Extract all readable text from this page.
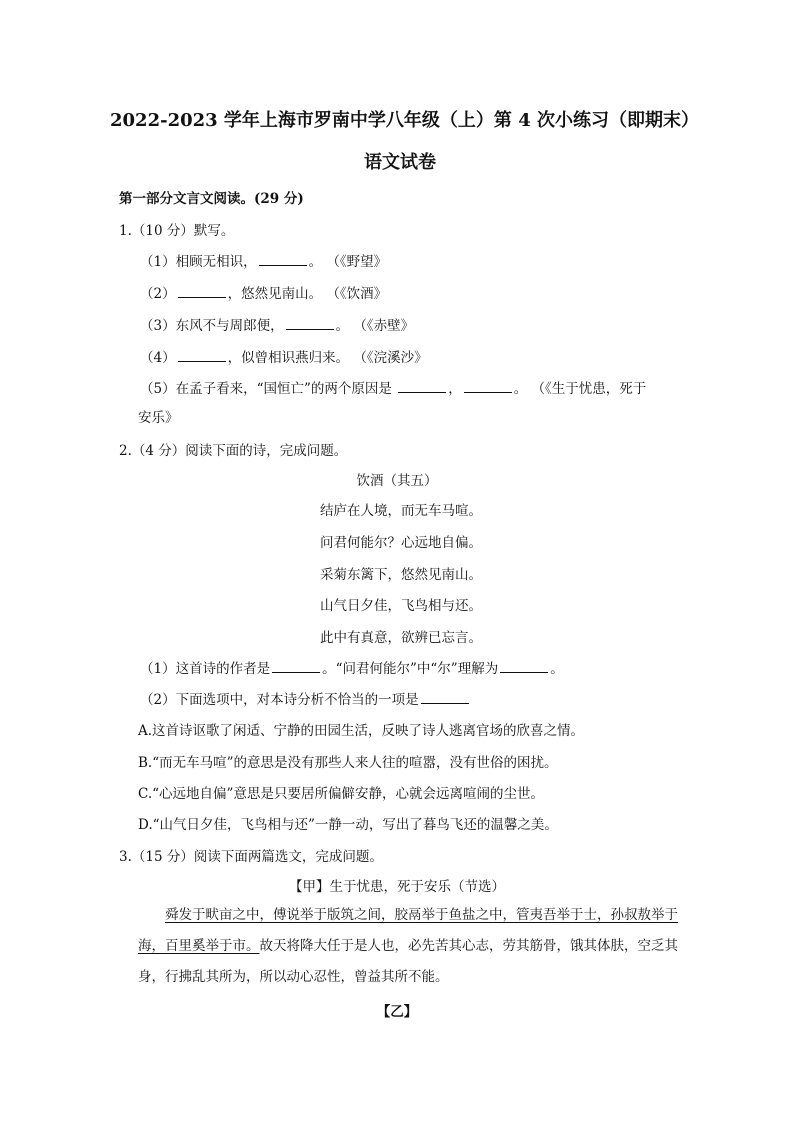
2022-2023 学年上海市罗南中学八年级（上）第 4 次小练习（即期末）语文试卷
第一部分文言文阅读。(29 分)
1.（10 分）默写。
（1）相顾无相识，	。 （《野望》
（2）	，悠然见南山。 （《饮酒》
（3）东风不与周郎便，	。 （《赤壁》
（4）	，似曾相识燕归来。 （《浣溪沙》
（5）在孟子看来，“国恒亡”的两个原因是	，	。 （《生于忧患，死于
安乐》
2.（4 分）阅读下面的诗，完成问题。
饮酒（其五）
结庐在人境，而无车马喧。
问君何能尔？心远地自偏。
采菊东篱下，悠然见南山。
山气日夕佳，飞鸟相与还。
此中有真意，欲辨已忘言。
（1）这首诗的作者是	。“问君何能尔”中“尔”理解为	。
（2）下面选项中，对本诗分析不恰当的一项是
A.这首诗讴歌了闲适、宁静的田园生活，反映了诗人逃离官场的欣喜之情。
B.“而无车马喧”的意思是没有那些人来人往的喧嚣，没有世俗的困扰。
C.“心远地自偏”意思是只要居所偏僻安静，心就会远离喧闹的尘世。
D.“山气日夕佳，飞鸟相与还”一静一动，写出了暮鸟飞还的温馨之美。
3.（15 分）阅读下面两篇选文，完成问题。
【甲】生于忧患，死于安乐（节选）
舜发于畎亩之中，傅说举于版筑之间，胶鬲举于鱼盐之中，管夷吾举于士，孙叔敖举于海，百里奚举于市。故天将降大任于是人也，必先苦其心志，劳其筋骨，饿其体肤，空乏其身，行拂乱其所为，所以动心忍性，曾益其所不能。
【乙】
